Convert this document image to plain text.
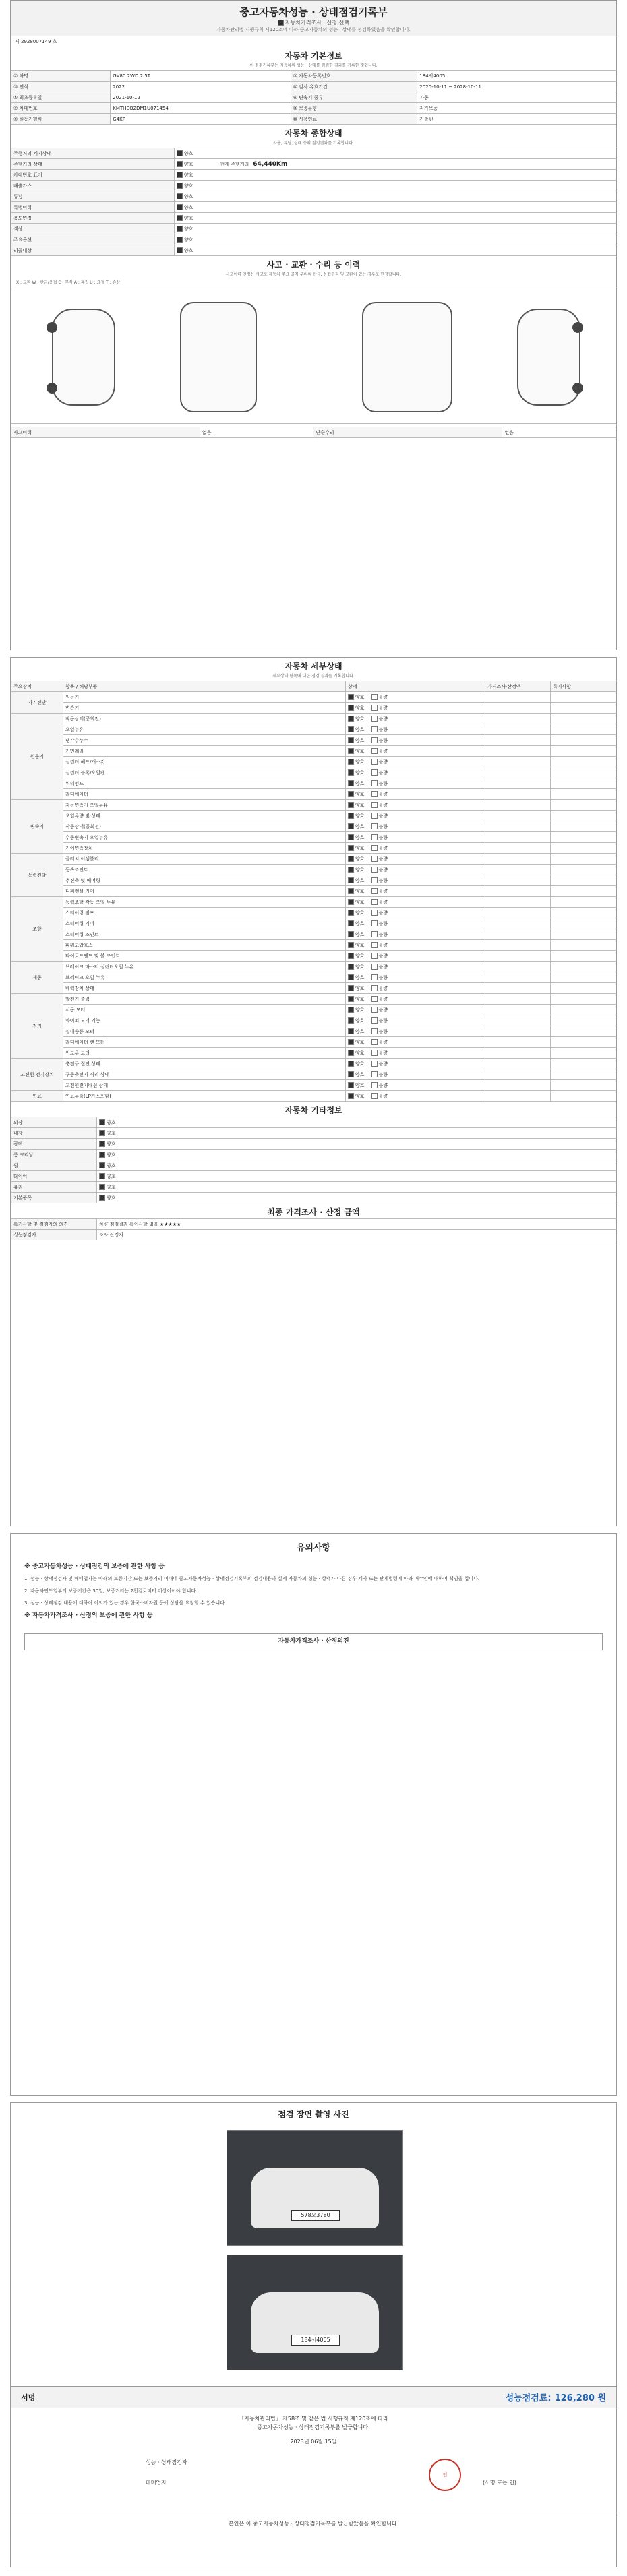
중고자동차성능 · 상태점검기록부
자동차가격조사 · 산정 선택
자동차관리법 시행규칙 제120조에 따라 중고자동차의 성능 · 상태를 점검하였음을 확인합니다.
제 2928007149 호
자동차 기본정보
이 점검기록부는 자동차의 성능 · 상태를 점검한 결과를 기록한 것입니다.
① 차명	GV80 2WD 2.5T	② 자동차등록번호	184서4005
③ 연식	2022	④ 검사 유효기간	2020-10-11 ~ 2028-10-11
⑤ 최초등록일	2021-10-12	⑥ 변속기 종류	자동
⑦ 차대번호	KMTHDB2DM1U071454	⑧ 보증유형	자가보증
⑨ 원동기형식	G4KP	⑩ 사용연료	가솔린
자동차 종합상태
사용, 튜닝, 상태 등의 점검결과를 기록합니다.
주행거리 계기상태	양호
주행거리 상태	양호 현재 주행거리 64,440Km
차대번호 표기	양호
배출가스	양호
튜닝	양호
특별이력	양호
용도변경	양호
색상	양호
주요옵션	양호
리콜대상	양호
사고 · 교환 · 수리 등 이력
사고이력 인정은 사고로 자동차 주요 골격 부위의 판금, 용접수리 및 교환이 있는 경우로 한정합니다.
X : 교환 W : 판금/용접 C : 부식 A : 흠집 U : 요철 T : 손상
사고이력	없음	단순수리	없음
자동차 세부상태
세부상태 항목에 대한 점검 결과를 기록합니다.
주요장치	항목 / 해당부품	상태	가격조사·산정액	특기사항
자기진단	원동기	양호 불량		
	변속기	양호 불량		
원동기	작동상태(공회전)	양호 불량		
	오일누유	양호 불량		
	냉각수누수	양호 불량		
	커먼레일	양호 불량		
	실린더 헤드/개스킷	양호 불량		
	실린더 블록/오일팬	양호 불량		
	워터펌프	양호 불량		
	라디에이터	양호 불량		
변속기	자동변속기 오일누유	양호 불량		
	오일유량 및 상태	양호 불량		
	작동상태(공회전)	양호 불량		
	수동변속기 오일누유	양호 불량		
	기어변속장치	양호 불량		
동력전달	클러치 어셈블리	양호 불량		
	등속조인트	양호 불량		
	추진축 및 베어링	양호 불량		
	디퍼렌셜 기어	양호 불량		
조향	동력조향 작동 오일 누유	양호 불량		
	스티어링 펌프	양호 불량		
	스티어링 기어	양호 불량		
	스티어링 조인트	양호 불량		
	파워고압호스	양호 불량		
	타이로드엔드 및 볼 조인트	양호 불량		
제동	브레이크 마스터 실린더오일 누유	양호 불량		
	브레이크 오일 누유	양호 불량		
	배력장치 상태	양호 불량		
전기	발전기 출력	양호 불량		
	시동 모터	양호 불량		
	와이퍼 모터 기능	양호 불량		
	실내송풍 모터	양호 불량		
	라디에이터 팬 모터	양호 불량		
	윈도우 모터	양호 불량		
고전원 전기장치	충전구 절연 상태	양호 불량		
	구동축전지 격리 상태	양호 불량		
	고전원전기배선 상태	양호 불량		
연료	연료누출(LP가스포함)	양호 불량		
자동차 기타정보
외장	양호
내장	양호
광택	양호
룸 크리닝	양호
휠	양호
타이어	양호
유리	양호
기본품목	양호
최종 가격조사 · 산정 금액
특기사항 및 점검자의 의견	차량 점검결과 특이사항 없음 ★★★★★
성능점검자	조사·산정자
유의사항
※ 중고자동차성능 · 상태점검의 보증에 관한 사항 등

1. 성능 · 상태점검자 및 매매업자는 아래의 보증기간 또는 보증거리 이내에 중고자동차성능 · 상태점검기록부의 점검내용과 실제 자동차의 성능 · 상태가 다른 경우 계약 또는 관계법령에 따라 매수인에 대하여 책임을 집니다.

2. 자동차인도일부터 보증기간은 30일, 보증거리는 2천킬로미터 이상이어야 합니다.

3. 성능 · 상태점검 내용에 대하여 이의가 있는 경우 한국소비자원 등에 상담을 요청할 수 있습니다.

※ 자동차가격조사 · 산정의 보증에 관한 사항 등
자동차가격조사 · 산정의견
점검 장면 촬영 사진
578오3780
184서4005
서명	성능점검료: 126,280 원
「자동차관리법」 제58조 및 같은 법 시행규칙 제120조에 따라
중고자동차성능 · 상태점검기록부를 발급합니다.
2023년 06월 15일
성능 · 상태점검자
매매업자
인
(서명 또는 인)
본인은 이 중고자동차성능 · 상태점검기록부를 발급받았음을 확인합니다.
